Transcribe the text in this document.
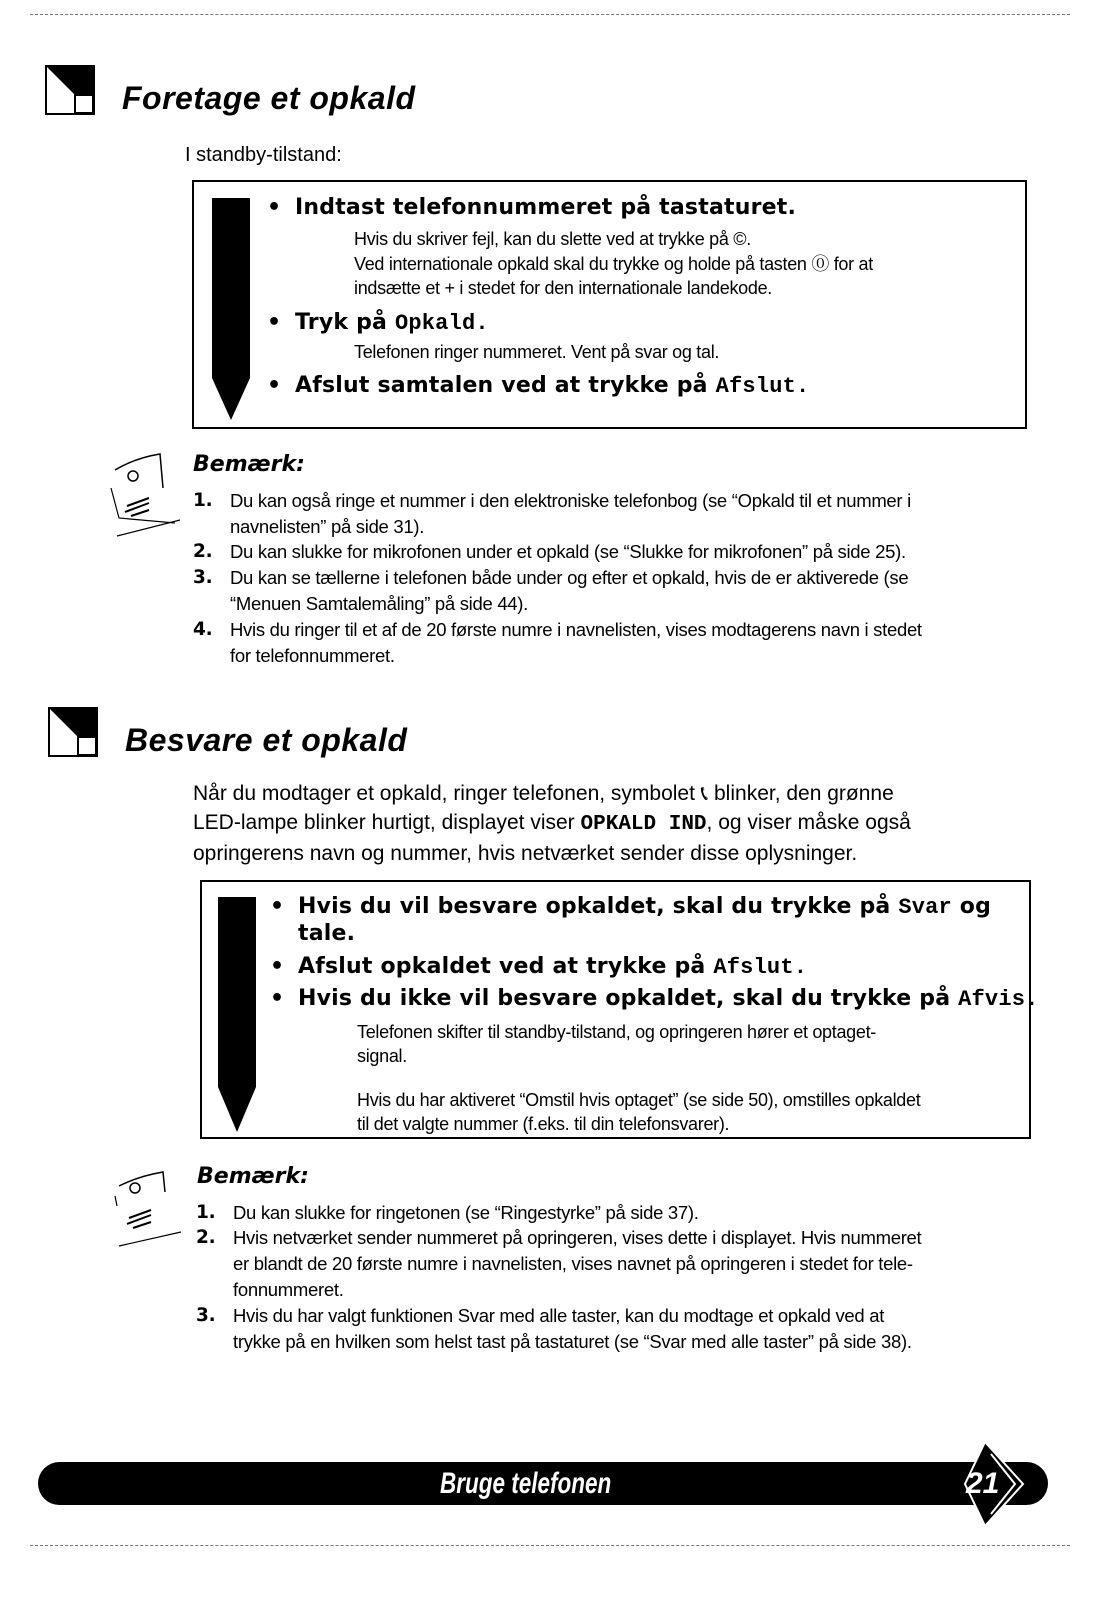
Foretage et opkald
I standby-tilstand:
• Indtast telefonnummeret på tastaturet.
Hvis du skriver fejl, kan du slette ved at trykke på ©.
Ved internationale opkald skal du trykke og holde på tasten ⓪ for at
indsætte et + i stedet for den internationale landekode.
• Tryk på Opkald.
Telefonen ringer nummeret. Vent på svar og tal.
• Afslut samtalen ved at trykke på Afslut.
Bemærk:
1. Du kan også ringe et nummer i den elektroniske telefonbog (se “Opkald til et nummer i
navnelisten” på side 31).
2. Du kan slukke for mikrofonen under et opkald (se “Slukke for mikrofonen” på side 25).
3. Du kan se tællerne i telefonen både under og efter et opkald, hvis de er aktiverede (se
“Menuen Samtalemåling” på side 44).
4. Hvis du ringer til et af de 20 første numre i navnelisten, vises modtagerens navn i stedet
for telefonnummeret.
Besvare et opkald
Når du modtager et opkald, ringer telefonen, symbolet 📞︎ blinker, den grønne
LED-lampe blinker hurtigt, displayet viser OPKALD IND, og viser måske også
opringerens navn og nummer, hvis netværket sender disse oplysninger.
• Hvis du vil besvare opkaldet, skal du trykke på Svar og
tale.
• Afslut opkaldet ved at trykke på Afslut.
• Hvis du ikke vil besvare opkaldet, skal du trykke på Afvis.
Telefonen skifter til standby-tilstand, og opringeren hører et optaget-
signal.
Hvis du har aktiveret “Omstil hvis optaget” (se side 50), omstilles opkaldet
til det valgte nummer (f.eks. til din telefonsvarer).
Bemærk:
1. Du kan slukke for ringetonen (se “Ringestyrke” på side 37).
2. Hvis netværket sender nummeret på opringeren, vises dette i displayet. Hvis nummeret
er blandt de 20 første numre i navnelisten, vises navnet på opringeren i stedet for tele-
fonnummeret.
3. Hvis du har valgt funktionen Svar med alle taster, kan du modtage et opkald ved at
trykke på en hvilken som helst tast på tastaturet (se “Svar med alle taster” på side 38).
Bruge telefonen	21
